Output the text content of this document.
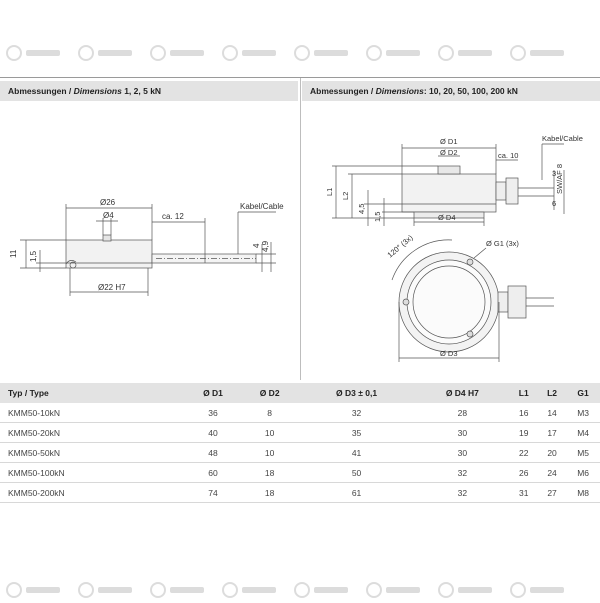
Abmessungen / Dimensions 1, 2, 5 kN	Abmessungen / Dimensions: 10, 20, 50, 100, 200 kN
Ø26
Ø4	ca. 12
Kabel/Cable
11 1,5
Ø22 H7
4 4,9
Ø D1
Ø D2	ca. 10
Kabel/Cable
SW/AF 8
L1 L2
4,5
1,5
3
6
Ø D4
120° (3x)	Ø G1 (3x)
Ø D3
Typ / Type	Ø D1	Ø D2	Ø D3 ± 0,1	Ø D4 H7	L1	L2	G1
KMM50-10kN	36	8	32	28	16	14	M3
KMM50-20kN	40	10	35	30	19	17	M4
KMM50-50kN	48	10	41	30	22	20	M5
KMM50-100kN	60	18	50	32	26	24	M6
KMM50-200kN	74	18	61	32	31	27	M8
